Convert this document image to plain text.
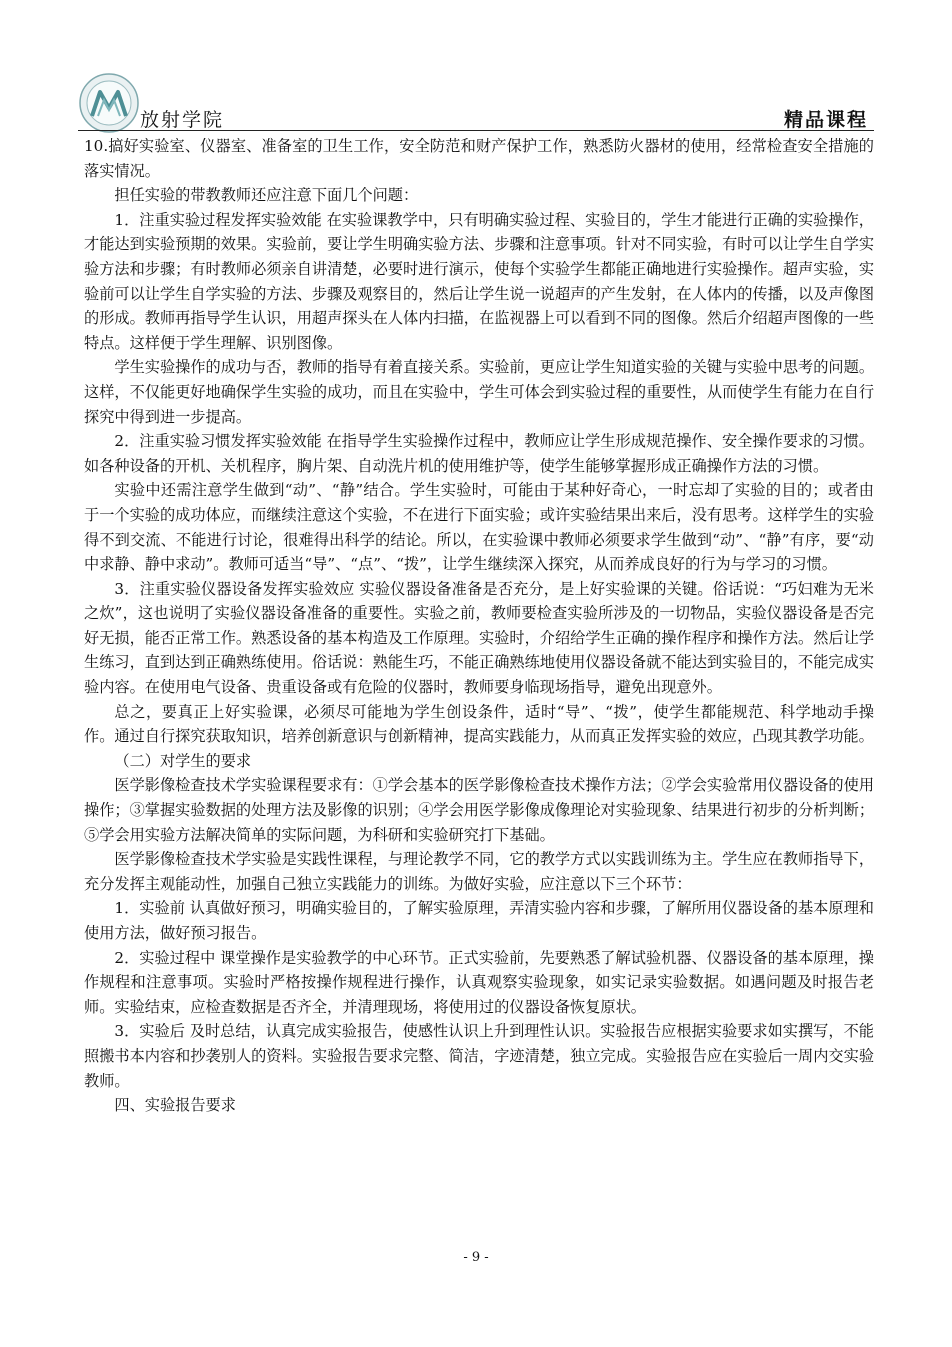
放射学院	精品课程

10.搞好实验室、仪器室、准备室的卫生工作，安全防范和财产保护工作，熟悉防火器材的使用，经常检查安全措施的落实情况。

担任实验的带教教师还应注意下面几个问题：

1．注重实验过程发挥实验效能 在实验课教学中，只有明确实验过程、实验目的，学生才能进行正确的实验操作，才能达到实验预期的效果。实验前，要让学生明确实验方法、步骤和注意事项。针对不同实验，有时可以让学生自学实验方法和步骤；有时教师必须亲自讲清楚，必要时进行演示，使每个实验学生都能正确地进行实验操作。超声实验，实验前可以让学生自学实验的方法、步骤及观察目的，然后让学生说一说超声的产生发射，在人体内的传播，以及声像图的形成。教师再指导学生认识，用超声探头在人体内扫描，在监视器上可以看到不同的图像。然后介绍超声图像的一些特点。这样便于学生理解、识别图像。

学生实验操作的成功与否，教师的指导有着直接关系。实验前，更应让学生知道实验的关键与实验中思考的问题。这样，不仅能更好地确保学生实验的成功，而且在实验中，学生可体会到实验过程的重要性，从而使学生有能力在自行探究中得到进一步提高。

2．注重实验习惯发挥实验效能 在指导学生实验操作过程中，教师应让学生形成规范操作、安全操作要求的习惯。如各种设备的开机、关机程序，胸片架、自动洗片机的使用维护等，使学生能够掌握形成正确操作方法的习惯。

实验中还需注意学生做到“动”、“静”结合。学生实验时，可能由于某种好奇心，一时忘却了实验的目的；或者由于一个实验的成功体应，而继续注意这个实验，不在进行下面实验；或许实验结果出来后，没有思考。这样学生的实验得不到交流、不能进行讨论，很难得出科学的结论。所以，在实验课中教师必须要求学生做到“动”、“静”有序，要“动中求静、静中求动”。教师可适当“导”、“点”、“拨”，让学生继续深入探究，从而养成良好的行为与学习的习惯。

3．注重实验仪器设备发挥实验效应 实验仪器设备准备是否充分，是上好实验课的关键。俗话说：“巧妇难为无米之炊”，这也说明了实验仪器设备准备的重要性。实验之前，教师要检查实验所涉及的一切物品，实验仪器设备是否完好无损，能否正常工作。熟悉设备的基本构造及工作原理。实验时，介绍给学生正确的操作程序和操作方法。然后让学生练习，直到达到正确熟练使用。俗话说：熟能生巧，不能正确熟练地使用仪器设备就不能达到实验目的，不能完成实验内容。在使用电气设备、贵重设备或有危险的仪器时，教师要身临现场指导，避免出现意外。

总之，要真正上好实验课，必须尽可能地为学生创设条件，适时“导”、“拨”，使学生都能规范、科学地动手操作。通过自行探究获取知识，培养创新意识与创新精神，提高实践能力，从而真正发挥实验的效应，凸现其教学功能。

（二）对学生的要求

医学影像检查技术学实验课程要求有：①学会基本的医学影像检查技术操作方法；②学会实验常用仪器设备的使用操作；③掌握实验数据的处理方法及影像的识别；④学会用医学影像成像理论对实验现象、结果进行初步的分析判断；⑤学会用实验方法解决简单的实际问题，为科研和实验研究打下基础。

医学影像检查技术学实验是实践性课程，与理论教学不同，它的教学方式以实践训练为主。学生应在教师指导下，充分发挥主观能动性，加强自己独立实践能力的训练。为做好实验，应注意以下三个环节：

1．实验前 认真做好预习，明确实验目的，了解实验原理，弄清实验内容和步骤，了解所用仪器设备的基本原理和使用方法，做好预习报告。

2．实验过程中 课堂操作是实验教学的中心环节。正式实验前，先要熟悉了解试验机器、仪器设备的基本原理，操作规程和注意事项。实验时严格按操作规程进行操作，认真观察实验现象，如实记录实验数据。如遇问题及时报告老师。实验结束，应检查数据是否齐全，并清理现场，将使用过的仪器设备恢复原状。

3．实验后 及时总结，认真完成实验报告，使感性认识上升到理性认识。实验报告应根据实验要求如实撰写，不能照搬书本内容和抄袭别人的资料。实验报告要求完整、简洁，字迹清楚，独立完成。实验报告应在实验后一周内交实验教师。

四、实验报告要求

- 9 -
